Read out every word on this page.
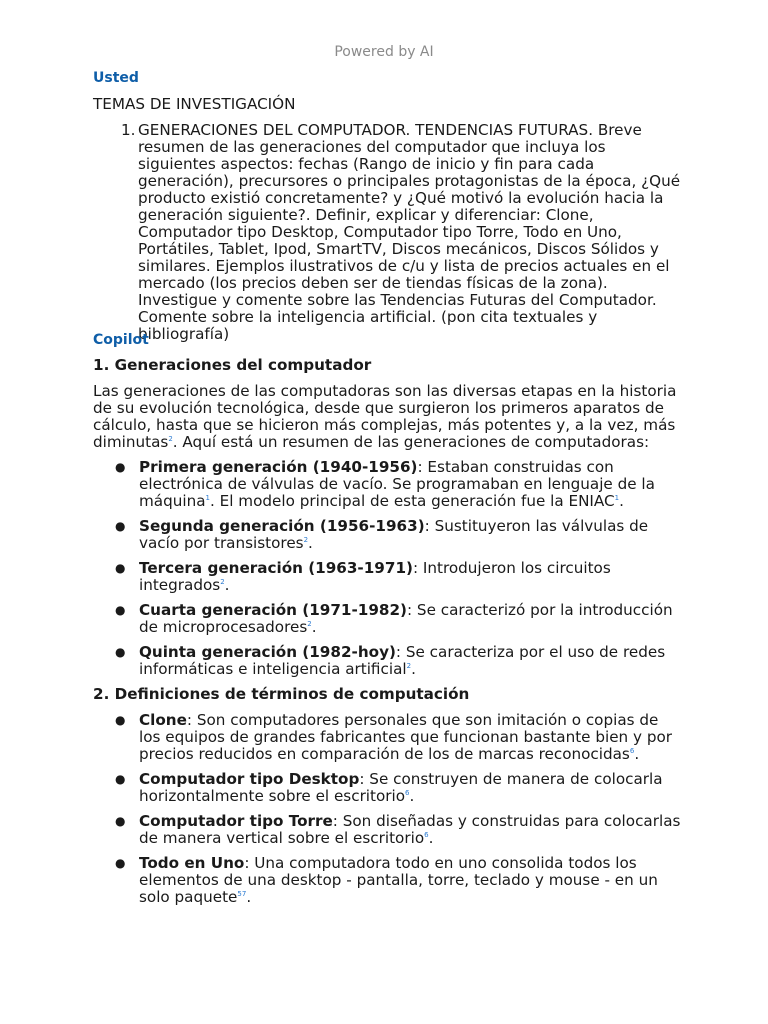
Powered by AI
Usted
TEMAS DE INVESTIGACIÓN
1. GENERACIONES DEL COMPUTADOR. TENDENCIAS FUTURAS. Breve resumen de las generaciones del computador que incluya los siguientes aspectos: fechas (Rango de inicio y fin para cada generación), precursores o principales protagonistas de la época, ¿Qué producto existió concretamente? y ¿Qué motivó la evolución hacia la generación siguiente?. Definir, explicar y diferenciar: Clone, Computador tipo Desktop, Computador tipo Torre, Todo en Uno, Portátiles, Tablet, Ipod, SmartTV, Discos mecánicos, Discos Sólidos y similares. Ejemplos ilustrativos de c/u y lista de precios actuales en el mercado (los precios deben ser de tiendas físicas de la zona). Investigue y comente sobre las Tendencias Futuras del Computador. Comente sobre la inteligencia artificial. (pon cita textuales y bibliografía)
Copilot
1. Generaciones del computador
Las generaciones de las computadoras son las diversas etapas en la historia de su evolución tecnológica, desde que surgieron los primeros aparatos de cálculo, hasta que se hicieron más complejas, más potentes y, a la vez, más diminutas$^2$. Aquí está un resumen de las generaciones de computadoras:
● Primera generación (1940-1956): Estaban construidas con electrónica de válvulas de vacío. Se programaban en lenguaje de la máquina$^1$. El modelo principal de esta generación fue la ENIAC$^1$.
● Segunda generación (1956-1963): Sustituyeron las válvulas de vacío por transistores$^2$.
● Tercera generación (1963-1971): Introdujeron los circuitos integrados$^2$.
● Cuarta generación (1971-1982): Se caracterizó por la introducción de microprocesadores$^2$.
● Quinta generación (1982-hoy): Se caracteriza por el uso de redes informáticas e inteligencia artificial$^2$.
2. Definiciones de términos de computación
● Clone: Son computadores personales que son imitación o copias de los equipos de grandes fabricantes que funcionan bastante bien y por precios reducidos en comparación de los de marcas reconocidas$^6$.
● Computador tipo Desktop: Se construyen de manera de colocarla horizontalmente sobre el escritorio$^6$.
● Computador tipo Torre: Son diseñadas y construidas para colocarlas de manera vertical sobre el escritorio$^6$.
● Todo en Uno: Una computadora todo en uno consolida todos los elementos de una desktop - pantalla, torre, teclado y mouse - en un solo paquete$^{57}$.
